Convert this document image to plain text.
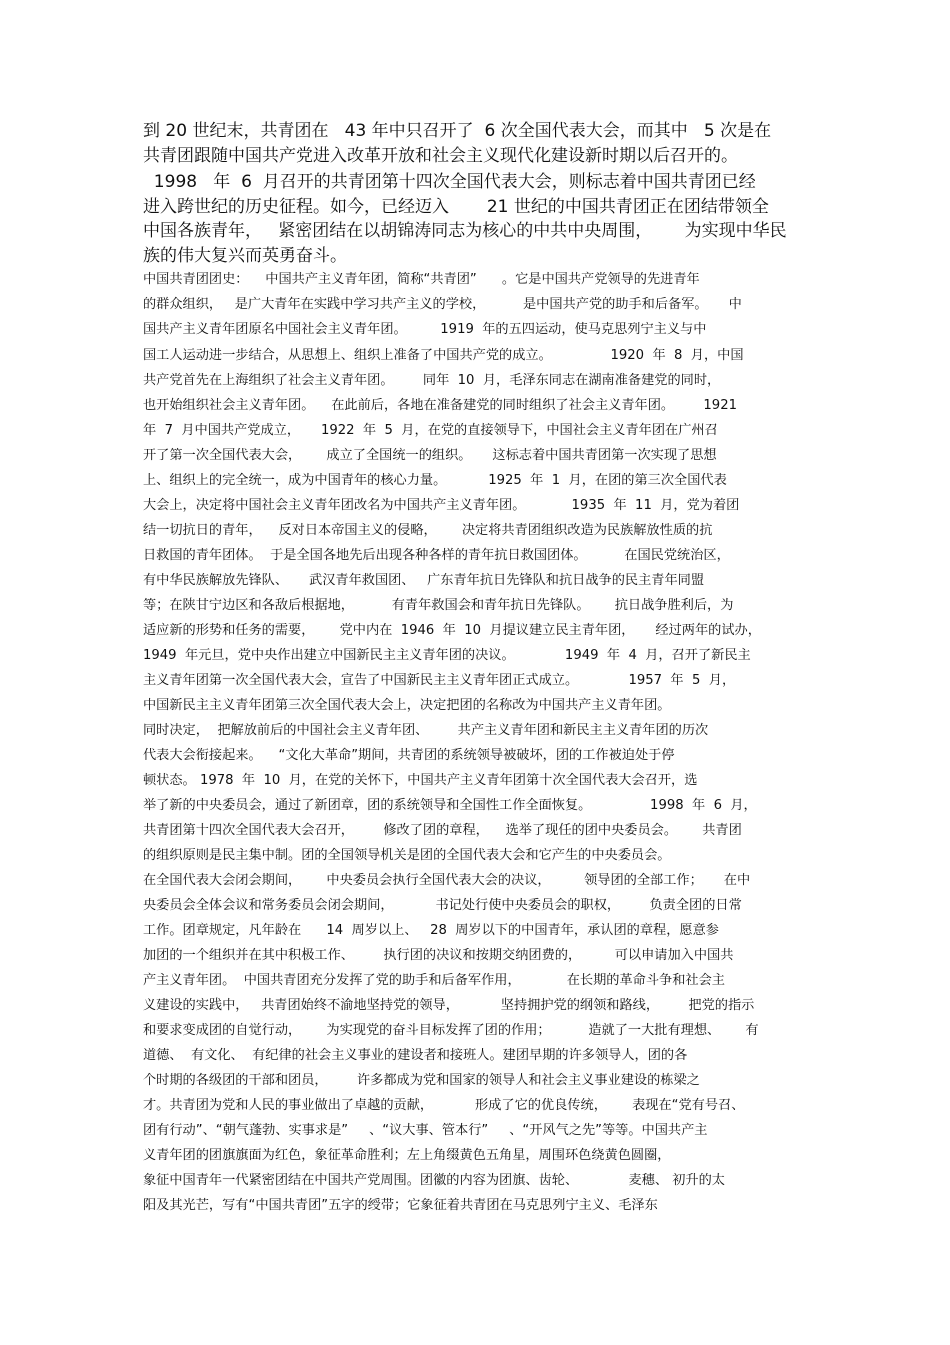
到 20 世纪末，共青团在   43 年中只召开了  6 次全国代表大会，而其中   5 次是在
共青团跟随中国共产党进入改革开放和社会主义现代化建设新时期以后召开的。
1998   年  6  月召开的共青团第十四次全国代表大会，则标志着中国共青团已经
进入跨世纪的历史征程。如今，已经迈入       21 世纪的中国共青团正在团结带领全
中国各族青年，   紧密团结在以胡锦涛同志为核心的中共中央周围，      为实现中华民
族的伟大复兴而英勇奋斗。
中国共青团团史：    中国共产主义青年团，简称“共青团”      。它是中国共产党领导的先进青年
的群众组织，   是广大青年在实践中学习共产主义的学校，         是中国共产党的助手和后备军。     中
国共产主义青年团原名中国社会主义青年团。        1919  年的五四运动，使马克思列宁主义与中
国工人运动进一步结合，从思想上、组织上准备了中国共产党的成立。              1920  年  8  月，中国
共产党首先在上海组织了社会主义青年团。       同年  10  月，毛泽东同志在湖南准备建党的同时，
也开始组织社会主义青年团。    在此前后，各地在准备建党的同时组织了社会主义青年团。       1921
年  7  月中国共产党成立，     1922  年  5  月，在党的直接领导下，中国社会主义青年团在广州召
开了第一次全国代表大会，      成立了全国统一的组织。     这标志着中国共青团第一次实现了思想
上、组织上的完全统一，成为中国青年的核心力量。          1925  年  1  月，在团的第三次全国代表
大会上，决定将中国社会主义青年团改名为中国共产主义青年团。           1935  年  11  月，党为着团
结一切抗日的青年，    反对日本帝国主义的侵略，      决定将共青团组织改造为民族解放性质的抗
日救国的青年团体。  于是全国各地先后出现各种各样的青年抗日救国团体。         在国民党统治区，
有中华民族解放先锋队、     武汉青年救国团、   广东青年抗日先锋队和抗日战争的民主青年同盟
等；在陕甘宁边区和各敌后根据地，         有青年救国会和青年抗日先锋队。      抗日战争胜利后，为
适应新的形势和任务的需要，      党中内在  1946  年  10  月提议建立民主青年团，     经过两年的试办，
1949  年元旦，党中央作出建立中国新民主主义青年团的决议。            1949  年  4  月，召开了新民主
主义青年团第一次全国代表大会，宣告了中国新民主主义青年团正式成立。            1957  年  5  月，
中国新民主主义青年团第三次全国代表大会上，决定把团的名称改为中国共产主义青年团。
同时决定，  把解放前后的中国社会主义青年团、       共产主义青年团和新民主主义青年团的历次
代表大会衔接起来。    “文化大革命”期间，共青团的系统领导被破坏，团的工作被迫处于停
顿状态。 1978  年  10  月，在党的关怀下，中国共产主义青年团第十次全国代表大会召开，选
举了新的中央委员会，通过了新团章，团的系统领导和全国性工作全面恢复。              1998  年  6  月，
共青团第十四次全国代表大会召开，       修改了团的章程，    选举了现任的团中央委员会。      共青团
的组织原则是民主集中制。团的全国领导机关是团的全国代表大会和它产生的中央委员会。
在全国代表大会闭会期间，      中央委员会执行全国代表大会的决议，        领导团的全部工作；     在中
央委员会全体会议和常务委员会闭会期间，          书记处行使中央委员会的职权，       负责全团的日常
工作。团章规定，凡年龄在      14  周岁以上、   28  周岁以下的中国青年，承认团的章程，愿意参
加团的一个组织并在其中积极工作、       执行团的决议和按期交纳团费的，        可以申请加入中国共
产主义青年团。  中国共青团充分发挥了党的助手和后备军作用，           在长期的革命斗争和社会主
义建设的实践中，   共青团始终不渝地坚持党的领导，          坚持拥护党的纲领和路线，       把党的指示
和要求变成团的自觉行动，      为实现党的奋斗目标发挥了团的作用；         造就了一大批有理想、      有
道德、  有文化、  有纪律的社会主义事业的建设者和接班人。建团早期的许多领导人，团的各
个时期的各级团的干部和团员，       许多都成为党和国家的领导人和社会主义事业建设的栋梁之
才。共青团为党和人民的事业做出了卓越的贡献，          形成了它的优良传统，      表现在“党有号召、
团有行动”、“朝气蓬勃、实事求是”     、“议大事、管本行”     、“开风气之先”等等。中国共产主
义青年团的团旗旗面为红色，象征革命胜利；左上角缀黄色五角星，周围环色绕黄色圆圈，
象征中国青年一代紧密团结在中国共产党周围。团徽的内容为团旗、齿轮、            麦穗、 初升的太
阳及其光芒，写有“中国共青团”五字的绶带；它象征着共青团在马克思列宁主义、毛泽东
